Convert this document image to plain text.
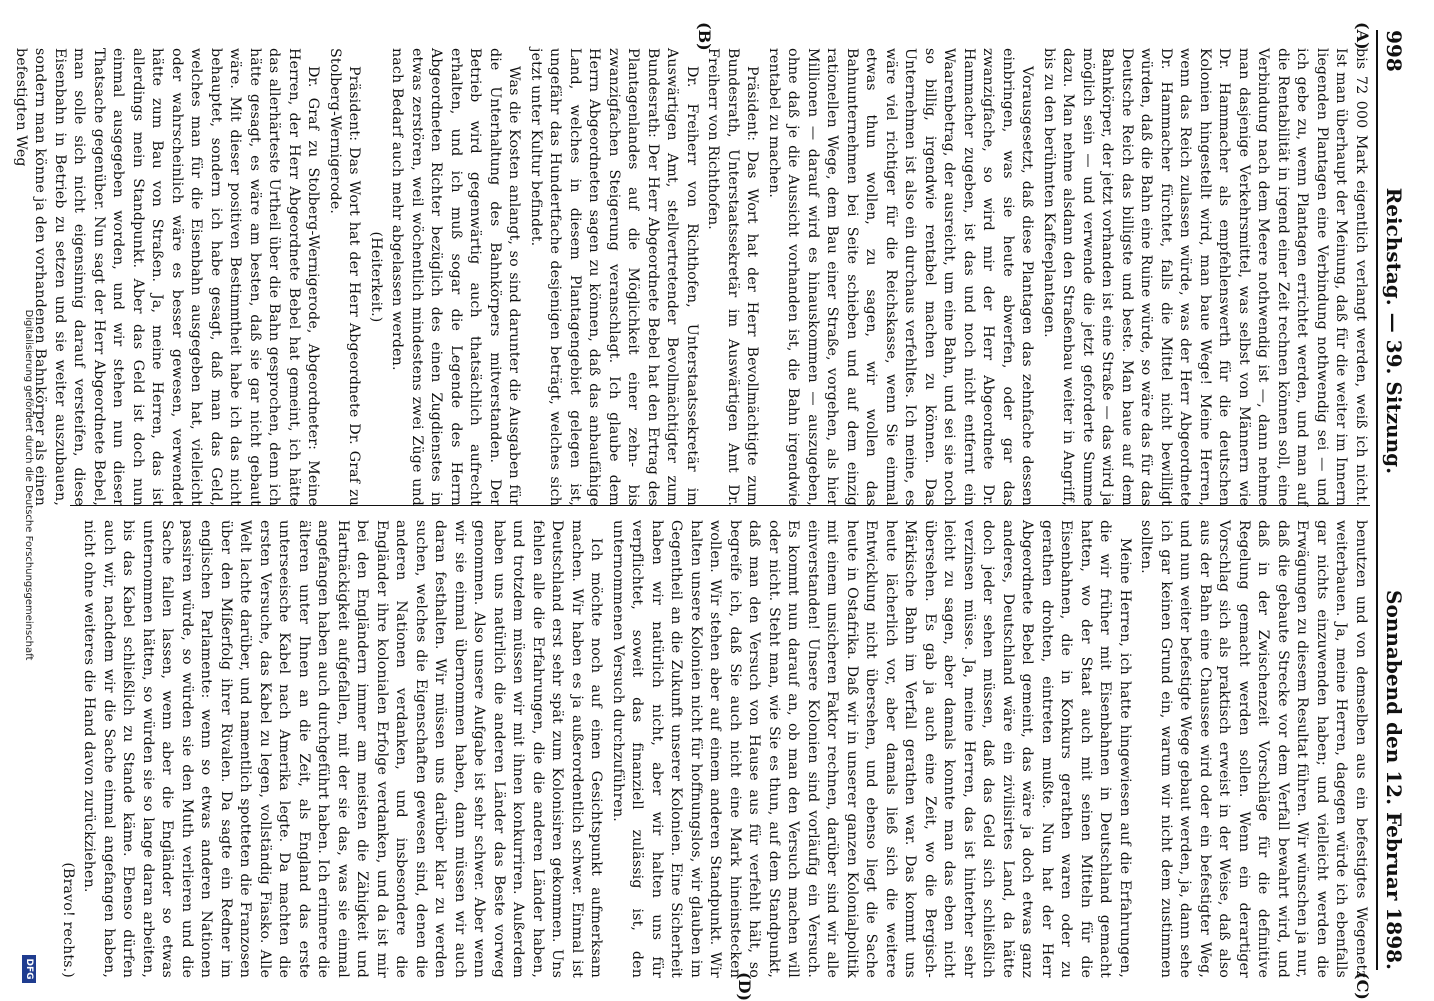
998
Reichstag. — 39. Sitzung.
Sonnabend den 12. Februar 1898.
(A)
(B)
(C)
(D)

bis 72 000 Mark eigentlich verlangt werden, weiß ich nicht. Ist man überhaupt der Meinung, daß für die weiter im Innern liegenden Plantagen eine Verbindung nothwendig sei — und ich gebe zu, wenn Plantagen errichtet werden, und man auf die Rentabilität in irgend einer Zeit rechnen können soll, eine Verbindung nach dem Meere nothwendig ist —, dann nehme man dasjenige Verkehrsmittel, was selbst von Männern wie Dr. Hammacher als empfehlenswerth für die deutschen Kolonien hingestellt wird, man baue Wege! Meine Herren, wenn das Reich zulassen würde, was der Herr Abgeordnete Dr. Hammacher fürchtet, falls die Mittel nicht bewilligt würden, daß die Bahn eine Ruine würde, so wäre das für das Deutsche Reich das billigste und beste. Man baue auf dem Bahnkörper, der jetzt vorhanden ist eine Straße — das wird ja möglich sein — und verwende die jetzt geforderte Summe dazu. Man nehme alsdann den Straßenbau weiter in Angriff, bis zu den berühmten Kaffeeplantagen.

Vorausgesetzt, daß diese Plantagen das zehnfache dessen einbringen, was sie heute abwerfen, oder gar das zwanzigfache, so wird mir der Herr Abgeordnete Dr. Hammacher zugeben, ist das und noch nicht entfernt ein Waarenbetrag, der ausreicht, um eine Bahn, und sei sie noch so billig, irgendwie rentabel machen zu können. Das Unternehmen ist also ein durchaus verfehltes. Ich meine, es wäre viel richtiger für die Reichskasse, wenn Sie einmal etwas thun wollen, zu sagen, wir wollen das Bahnunternehmen bei Seite schieben und auf dem einzig rationellen Wege, dem Bau einer Straße, vorgehen, als hier Millionen — darauf wird es hinauskommen — auszugeben, ohne daß je die Aussicht vorhanden ist, die Bahn irgendwie rentabel zu machen.

Präsident: Das Wort hat der Herr Bevollmächtigte zum Bundesrath, Unterstaatssekretär im Auswärtigen Amt Dr. Freiherr von Richthofen.

Dr. Freiherr von Richthofen, Unterstaatssekretär im Auswärtigen Amt, stellvertretender Bevollmächtigter zum Bundesrath: Der Herr Abgeordnete Bebel hat den Ertrag des Plantagenlandes auf die Möglichkeit einer zehn- bis zwanzigfachen Steigerung veranschlagt. Ich glaube dem Herrn Abgeordneten sagen zu können, daß das anbaufähige Land, welches in diesem Plantagengebiet gelegen ist, ungefähr das Hundertfache desjenigen beträgt, welches sich jetzt unter Kultur befindet.

Was die Kosten anlangt, so sind darunter die Ausgaben für die Unterhaltung des Bahnkörpers mitverstanden. Der Betrieb wird gegenwärtig auch thatsächlich aufrecht erhalten, und ich muß sogar die Legende des Herrn Abgeordneten Richter bezüglich des einen Zugdienstes in etwas zerstören, weil wöchentlich mindestens zwei Züge und nach Bedarf auch mehr abgelassen werden.

(Heiterkeit.)

Präsident: Das Wort hat der Herr Abgeordnete Dr. Graf zu Stolberg-Wernigerode.

Dr. Graf zu Stolberg-Wernigerode, Abgeordneter: Meine Herren, der Herr Abgeordnete Bebel hat gemeint, ich hätte das allerhärteste Urtheil über die Bahn gesprochen, denn ich hätte gesagt, es wäre am besten, daß sie gar nicht gebaut wäre. Mit dieser positiven Bestimmtheit habe ich das nicht behauptet, sondern ich habe gesagt, daß man das Geld, welches man für die Eisenbahn ausgegeben hat, vielleicht oder wahrscheinlich wäre es besser gewesen, verwendet hätte zum Bau von Straßen. Ja, meine Herren, das ist allerdings mein Standpunkt. Aber das Geld ist doch nun einmal ausgegeben worden, und wir stehen nun dieser Thatsache gegenüber. Nun sagt der Herr Abgeordnete Bebel, man solle sich nicht eigensinnig darauf versteifen, diese Eisenbahn in Betrieb zu setzen und sie weiter auszubauen, sondern man könne ja den vorhandenen Bahnkörper als einen befestigten Weg

benutzen und von demselben aus ein befestigtes Wegenetz weiterbauen. Ja, meine Herren, dagegen würde ich ebenfalls gar nichts einzuwenden haben; und vielleicht werden die Erwägungen zu diesem Resultat führen. Wir wünschen ja nur, daß die gebaute Strecke vor dem Verfall bewahrt wird, und daß in der Zwischenzeit Vorschläge für die definitive Regelung gemacht werden sollen. Wenn ein derartiger Vorschlag sich als praktisch erweist in der Weise, daß also aus der Bahn eine Chaussee wird oder ein befestigter Weg, und nun weiter befestigte Wege gebaut werden, ja, dann sehe ich gar keinen Grund ein, warum wir nicht dem zustimmen sollten.

Meine Herren, ich hatte hingewiesen auf die Erfahrungen, die wir früher mit Eisenbahnen in Deutschland gemacht hatten, wo der Staat auch mit seinen Mitteln für die Eisenbahnen, die in Konkurs gerathen waren oder zu gerathen drohten, eintreten mußte. Nun hat der Herr Abgeordnete Bebel gemeint, das wäre ja doch etwas ganz anderes, Deutschland wäre ein zivilisirtes Land, da hätte doch jeder sehen müssen, daß das Geld sich schließlich verzinsen müsse. Ja, meine Herren, das ist hinterher sehr leicht zu sagen, aber damals konnte man das eben nicht übersehen. Es gab ja auch eine Zeit, wo die Bergisch-Märkische Bahn im Verfall gerathen war. Das kommt uns heute lächerlich vor, aber damals ließ sich die weitere Entwicklung nicht übersehen, und ebenso liegt die Sache heute in Ostafrika. Daß wir in unserer ganzen Kolonialpolitik mit einem unsicheren Faktor rechnen, darüber sind wir alle einverstanden! Unsere Kolonien sind vorläufig ein Versuch. Es kommt nun darauf an, ob man den Versuch machen will oder nicht. Steht man, wie Sie es thun, auf dem Standpunkt, daß man den Versuch von Hause aus für verfehlt hält, so begreife ich, daß Sie auch nicht eine Mark hineinstecken wollen. Wir stehen aber auf einem anderen Standpunkt. Wir halten unsere Kolonien nicht für hoffnungslos, wir glauben im Gegentheil an die Zukunft unserer Kolonien. Eine Sicherheit haben wir natürlich nicht, aber wir halten uns für verpflichtet, soweit das finanziell zulässig ist, den unternommenen Versuch durchzuführen.

Ich möchte noch auf einen Gesichtspunkt aufmerksam machen. Wir haben es ja außerordentlich schwer. Einmal ist Deutschland erst sehr spät zum Kolonisiren gekommen. Uns fehlen alle die Erfahrungen, die die anderen Länder haben, und trotzdem müssen wir mit ihnen konkurriren. Außerdem haben uns natürlich die anderen Länder das Beste vorweg genommen. Also unsere Aufgabe ist sehr schwer. Aber wenn wir sie einmal übernommen haben, dann müssen wir auch daran festhalten. Wir müssen uns darüber klar zu werden suchen, welches die Eigenschaften gewesen sind, denen die anderen Nationen verdanken, und insbesondere die Engländer ihre kolonialen Erfolge verdanken, und da ist mir bei den Engländern immer am meisten die Zähigkeit und Hartnäckigkeit aufgefallen, mit der sie das, was sie einmal angefangen haben auch durchgeführt haben. Ich erinnere die älteren unter Ihnen an die Zeit, als England das erste unterseeische Kabel nach Amerika legte. Da machten die ersten Versuche, das Kabel zu legen, vollständig Fiasko. Alle Welt lachte darüber, und namentlich spotteten die Franzosen über den Mißerfolg ihrer Rivalen. Da sagte ein Redner im englischen Parlamente: wenn so etwas anderen Nationen passiren würde, so würden sie den Muth verlieren und die Sache fallen lassen, wenn aber die Engländer so etwas unternommen hätten, so würden sie so lange daran arbeiten, bis das Kabel schließlich zu Stande käme. Ebenso dürfen auch wir, nachdem wir die Sache einmal angefangen haben, nicht ohne weiteres die Hand davon zurückziehen.

(Bravo! rechts.)

Digitalisierung gefördert durch die Deutsche Forschungsgemeinschaft
DFG
